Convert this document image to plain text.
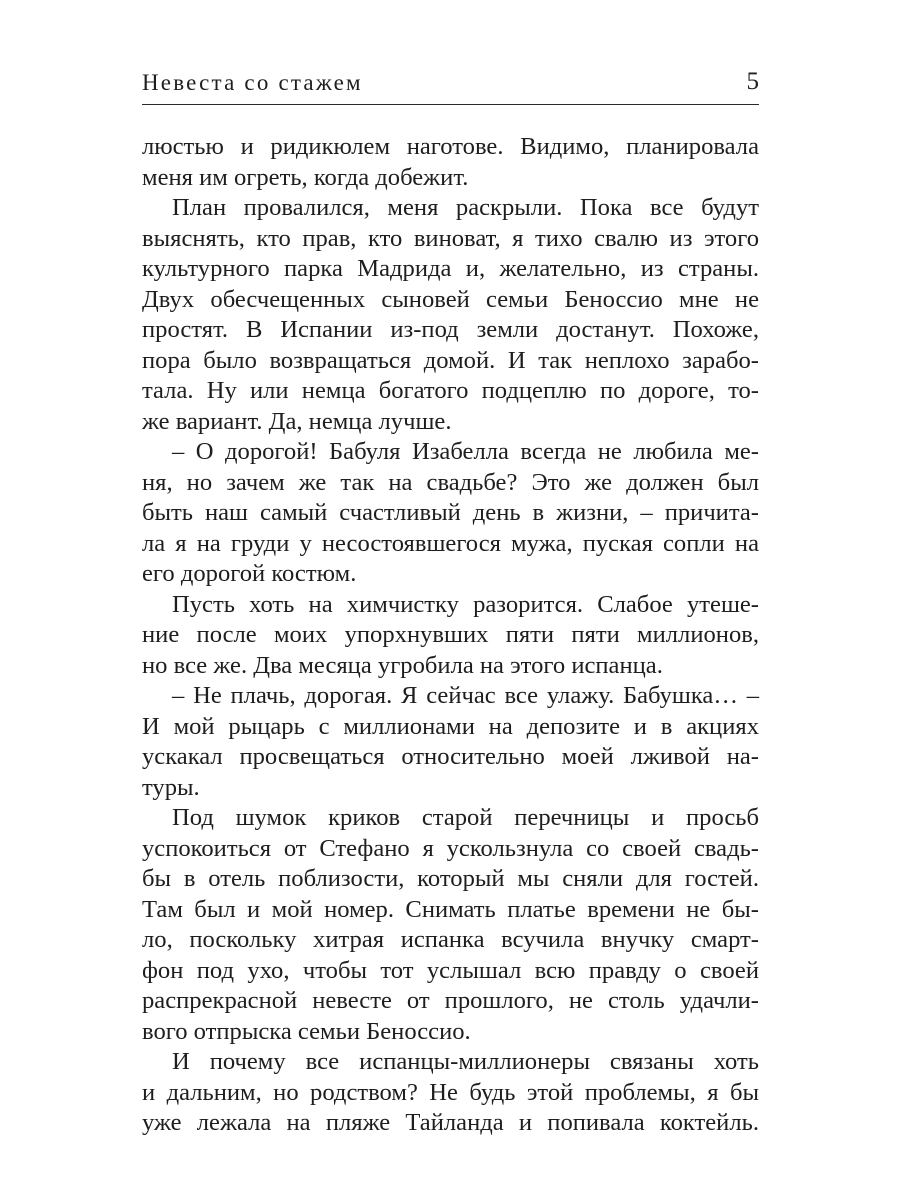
Невеста со стажем	5
люстью и ридикюлем наготове. Видимо, планировала
меня им огреть, когда добежит.
План провалился, меня раскрыли. Пока все будут
выяснять, кто прав, кто виноват, я тихо свалю из этого
культурного парка Мадрида и, желательно, из страны.
Двух обесчещенных сыновей семьи Беноссио мне не
простят. В Испании из-под земли достанут. Похоже,
пора было возвращаться домой. И так неплохо зарабо-
тала. Ну или немца богатого подцеплю по дороге, то-
же вариант. Да, немца лучше.
– О дорогой! Бабуля Изабелла всегда не любила ме-
ня, но зачем же так на свадьбе? Это же должен был
быть наш самый счастливый день в жизни, – причита-
ла я на груди у несостоявшегося мужа, пуская сопли на
его дорогой костюм.
Пусть хоть на химчистку разорится. Слабое утеше-
ние после моих упорхнувших пяти пяти миллионов,
но все же. Два месяца угробила на этого испанца.
– Не плачь, дорогая. Я сейчас все улажу. Бабушка… –
И мой рыцарь с миллионами на депозите и в акциях
ускакал просвещаться относительно моей лживой на-
туры.
Под шумок криков старой перечницы и просьб
успокоиться от Стефано я ускользнула со своей свадь-
бы в отель поблизости, который мы сняли для гостей.
Там был и мой номер. Снимать платье времени не бы-
ло, поскольку хитрая испанка всучила внучку смарт-
фон под ухо, чтобы тот услышал всю правду о своей
распрекрасной невесте от прошлого, не столь удачли-
вого отпрыска семьи Беноссио.
И почему все испанцы-миллионеры связаны хоть
и дальним, но родством? Не будь этой проблемы, я бы
уже лежала на пляже Тайланда и попивала коктейль.
